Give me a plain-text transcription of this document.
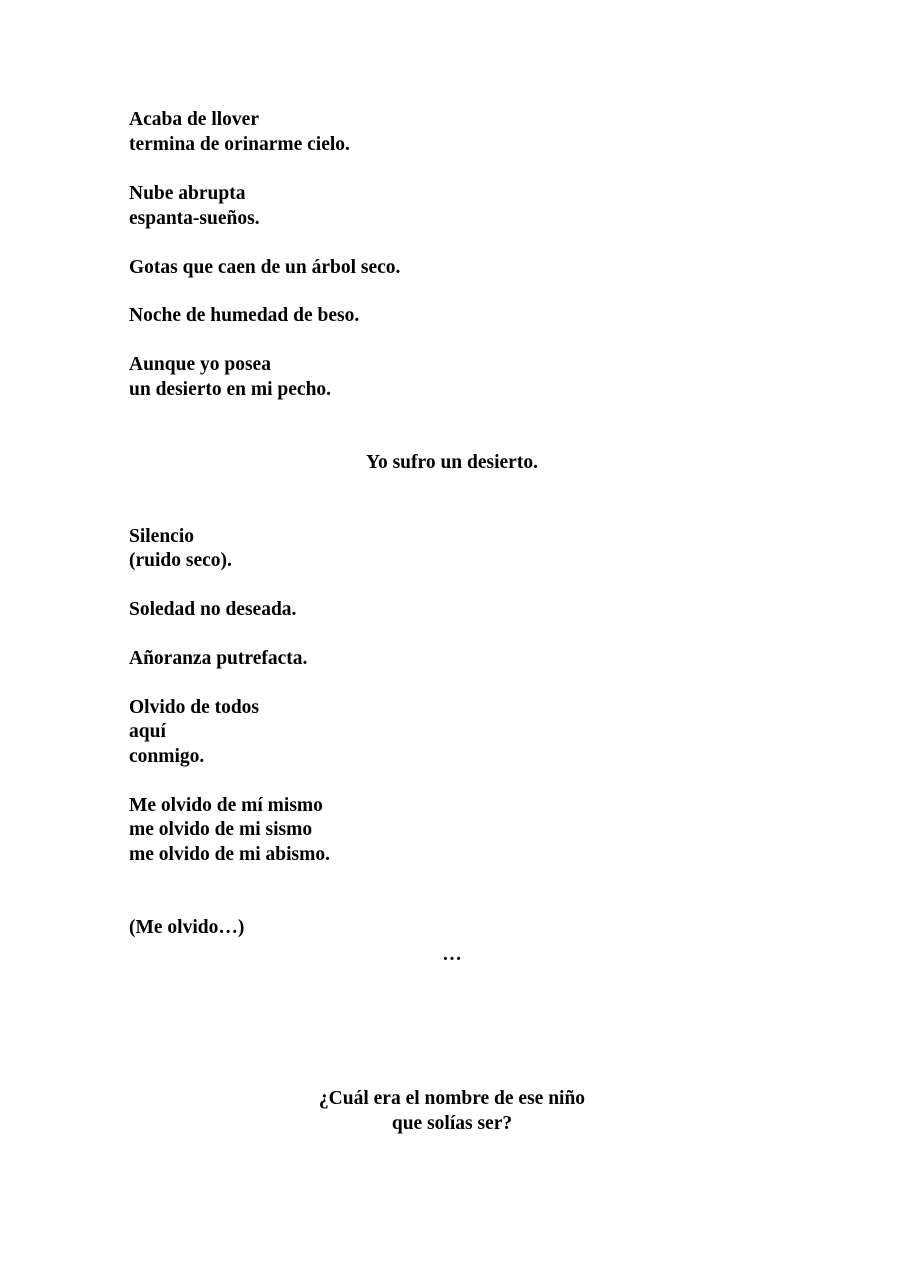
Acaba de llover
termina de orinarme cielo.
Nube abrupta
espanta-sueños.
Gotas que caen de un árbol seco.
Noche de humedad de beso.
Aunque yo posea
un desierto en mi pecho.
Yo sufro un desierto.
Silencio
(ruido seco).
Soledad no deseada.
Añoranza putrefacta.
Olvido de todos
aquí
conmigo.
Me olvido de mí mismo
me olvido de mi sismo
me olvido de mi abismo.
(Me olvido…)
…
¿Cuál era el nombre de ese niño
que solías ser?
